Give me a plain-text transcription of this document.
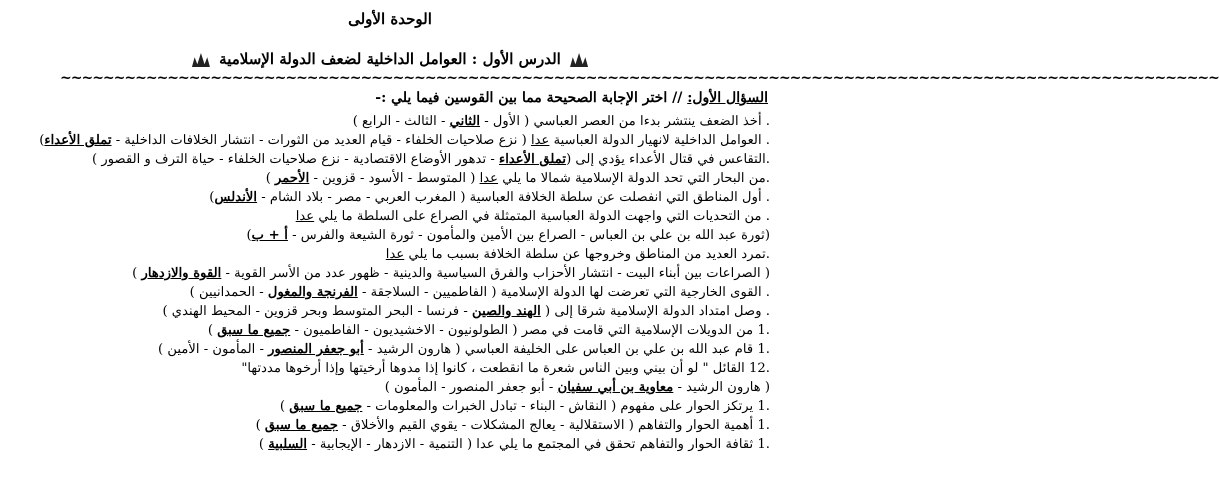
الوحدة الأولى
الدرس الأول : العوامل الداخلية لضعف الدولة الإسلامية
~~~~~~~~~~~~~~~~~~~~~~~~~~~~~~~~~~~~~~~~~~~~~~~~~~~~~~~~~~~~~~~~~~~~~~~~~~~~~~~~~~~~~~~~~~~~~~~~~~~~~~~~~~~~
السؤال الأول: // اختر الإجابة الصحيحة مما بين القوسين فيما يلي :-
. أخذ الضعف ينتشر بدءا من العصر العباسي ( الأول - الثاني - الثالث - الرابع )
. العوامل الداخلية لانهيار الدولة العباسية عدا ( نزع صلاحيات الخلفاء - قيام العديد من الثورات - انتشار الخلافات الداخلية - تملق الأعداء)
.التقاعس في قتال الأعداء يؤدي إلى (تملق الأعداء - تدهور الأوضاع الاقتصادية - نزع صلاحيات الخلفاء - حياة الترف و القصور )
.من البحار التي تحد الدولة الإسلامية شمالا ما يلي عدا ( المتوسط - الأسود - قزوين - الأحمر )
. أول المناطق التي انفصلت عن سلطة الخلافة العباسية ( المغرب العربي - مصر - بلاد الشام - الأندلس)
. من التحديات التي واجهت الدولة العباسية المتمثلة في الصراع على السلطة ما يلي عدا
(ثورة عبد الله بن علي بن العباس - الصراع بين الأمين والمأمون - ثورة الشيعة والفرس - أ + ب)
.تمرد العديد من المناطق وخروجها عن سلطة الخلافة بسبب ما يلي عدا
( الصراعات بين أبناء البيت - انتشار الأحزاب والفرق السياسية والدينية - ظهور عدد من الأسر القوية - القوة والازدهار )
. القوى الخارجية التي تعرضت لها الدولة الإسلامية ( الفاطميين - السلاجقة - الفرنجة والمغول - الحمدانيين )
. وصل امتداد الدولة الإسلامية شرقا إلى ( الهند والصين - فرنسا - البحر المتوسط وبحر قزوين - المحيط الهندي )
.1 من الدويلات الإسلامية التي قامت في مصر ( الطولونيون - الاخشيديون - الفاطميون - جميع ما سبق )
.1 قام عبد الله بن علي بن العباس على الخليفة العباسي ( هارون الرشيد - أبو جعفر المنصور - المأمون - الأمين )
.12 القائل " لو أن بيني وبين الناس شعرة ما انقطعت ، كانوا إذا مدوها أرخيتها وإذا أرخوها مددتها"
( هارون الرشيد - معاوية بن أبي سفيان - أبو جعفر المنصور - المأمون )
.1 يرتكز الحوار على مفهوم ( النقاش - البناء - تبادل الخبرات والمعلومات - جميع ما سبق )
.1 أهمية الحوار والتفاهم ( الاستقلالية - يعالج المشكلات - يقوي القيم والأخلاق - جميع ما سبق )
.1 ثقافة الحوار والتفاهم تحقق في المجتمع ما يلي عدا ( التنمية - الازدهار - الإيجابية - السلبية )
